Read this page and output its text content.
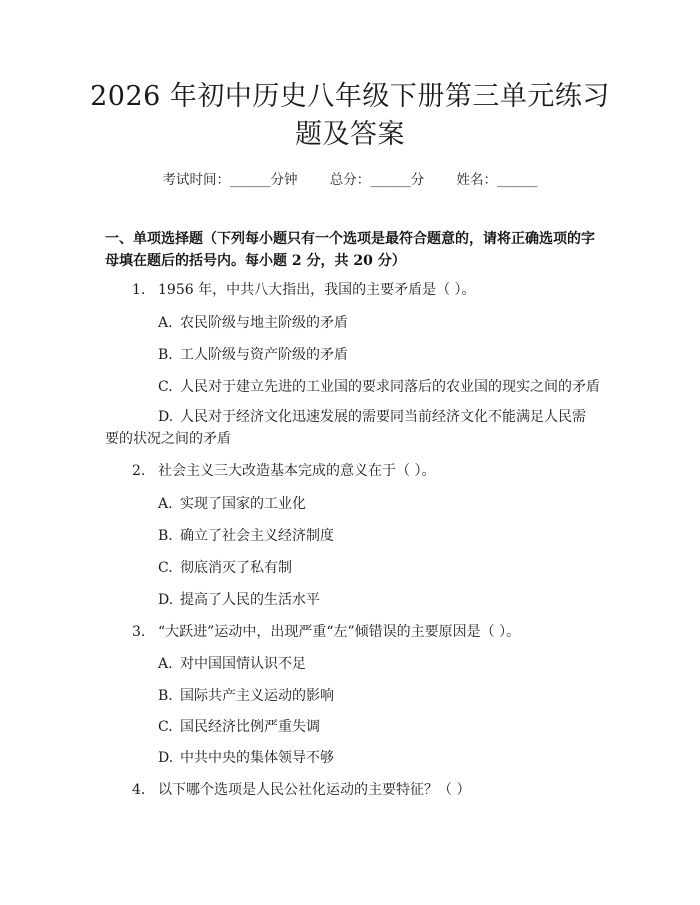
2026 年初中历史八年级下册第三单元练习题及答案
考试时间：______分钟 总分：______分 姓名：______
一、单项选择题（下列每小题只有一个选项是最符合题意的，请将正确选项的字母填在题后的括号内。每小题 2 分，共 20 分）
1. 1956 年，中共八大指出，我国的主要矛盾是（ ）。
A. 农民阶级与地主阶级的矛盾
B. 工人阶级与资产阶级的矛盾
C. 人民对于建立先进的工业国的要求同落后的农业国的现实之间的矛盾
D. 人民对于经济文化迅速发展的需要同当前经济文化不能满足人民需要的状况之间的矛盾
2. 社会主义三大改造基本完成的意义在于（ ）。
A. 实现了国家的工业化
B. 确立了社会主义经济制度
C. 彻底消灭了私有制
D. 提高了人民的生活水平
3. “大跃进”运动中，出现严重“左”倾错误的主要原因是（ ）。
A. 对中国国情认识不足
B. 国际共产主义运动的影响
C. 国民经济比例严重失调
D. 中共中央的集体领导不够
4. 以下哪个选项是人民公社化运动的主要特征？（ ）
